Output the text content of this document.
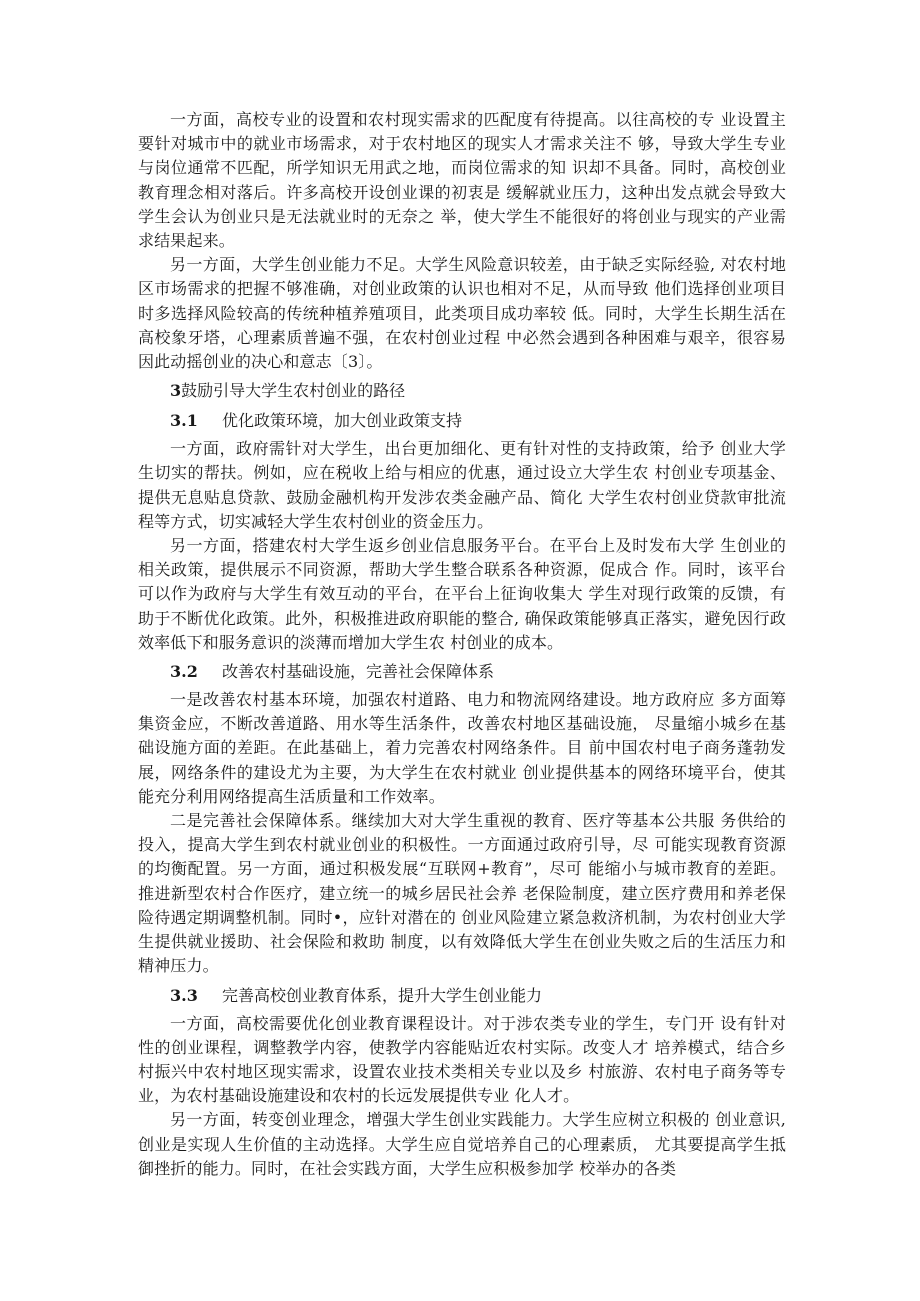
一方面，高校专业的设置和农村现实需求的匹配度有待提高。以往高校的专 业设置主要针对城市中的就业市场需求，对于农村地区的现实人才需求关注不 够，导致大学生专业与岗位通常不匹配，所学知识无用武之地，而岗位需求的知 识却不具备。同时，高校创业教育理念相对落后。许多高校开设创业课的初衷是 缓解就业压力，这种出发点就会导致大学生会认为创业只是无法就业时的无奈之 举，使大学生不能很好的将创业与现实的产业需求结果起来。

另一方面，大学生创业能力不足。大学生风险意识较差，由于缺乏实际经验, 对农村地区市场需求的把握不够准确，对创业政策的认识也相对不足，从而导致 他们选择创业项目时多选择风险较高的传统种植养殖项目，此类项目成功率较 低。同时，大学生长期生活在高校象牙塔，心理素质普遍不强，在农村创业过程 中必然会遇到各种困难与艰辛，很容易因此动摇创业的决心和意志〔3〕。

3鼓励引导大学生农村创业的路径

3.1 优化政策环境，加大创业政策支持

一方面，政府需针对大学生，出台更加细化、更有针对性的支持政策，给予 创业大学生切实的帮扶。例如，应在税收上给与相应的优惠，通过设立大学生农 村创业专项基金、提供无息贴息贷款、鼓励金融机构开发涉农类金融产品、简化 大学生农村创业贷款审批流程等方式，切实减轻大学生农村创业的资金压力。

另一方面，搭建农村大学生返乡创业信息服务平台。在平台上及时发布大学 生创业的相关政策，提供展示不同资源，帮助大学生整合联系各种资源，促成合 作。同时，该平台可以作为政府与大学生有效互动的平台，在平台上征询收集大 学生对现行政策的反馈，有助于不断优化政策。此外，积极推进政府职能的整合, 确保政策能够真正落实，避免因行政效率低下和服务意识的淡薄而增加大学生农 村创业的成本。

3.2 改善农村基础设施，完善社会保障体系

一是改善农村基本环境，加强农村道路、电力和物流网络建设。地方政府应 多方面筹集资金应，不断改善道路、用水等生活条件，改善农村地区基础设施， 尽量缩小城乡在基础设施方面的差距。在此基础上，着力完善农村网络条件。目 前中国农村电子商务蓬勃发展，网络条件的建设尤为主要，为大学生在农村就业 创业提供基本的网络环境平台，使其能充分利用网络提高生活质量和工作效率。

二是完善社会保障体系。继续加大对大学生重视的教育、医疗等基本公共服 务供给的投入，提高大学生到农村就业创业的积极性。一方面通过政府引导，尽 可能实现教育资源的均衡配置。另一方面，通过积极发展“互联网+教育”，尽可 能缩小与城市教育的差距。推进新型农村合作医疗，建立统一的城乡居民社会养 老保险制度，建立医疗费用和养老保险待遇定期调整机制。同时•，应针对潜在的 创业风险建立紧急救济机制，为农村创业大学生提供就业援助、社会保险和救助 制度，以有效降低大学生在创业失败之后的生活压力和精神压力。

3.3 完善高校创业教育体系，提升大学生创业能力

一方面，高校需要优化创业教育课程设计。对于涉农类专业的学生，专门开 设有针对性的创业课程，调整教学内容，使教学内容能贴近农村实际。改变人才 培养模式，结合乡村振兴中农村地区现实需求，设置农业技术类相关专业以及乡 村旅游、农村电子商务等专业，为农村基础设施建设和农村的长远发展提供专业 化人才。

另一方面，转变创业理念，增强大学生创业实践能力。大学生应树立积极的 创业意识,创业是实现人生价值的主动选择。大学生应自觉培养自己的心理素质， 尤其要提高学生抵御挫折的能力。同时，在社会实践方面，大学生应积极参加学 校举办的各类
